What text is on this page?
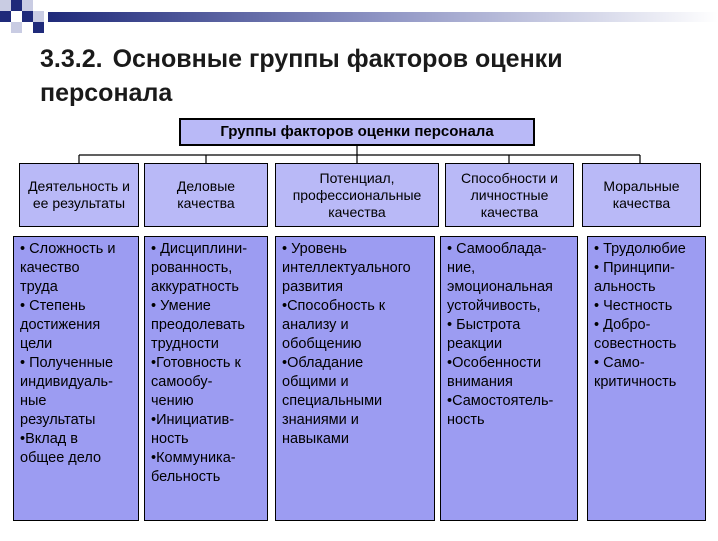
3.3.2. Основные группы факторов оценки персонала
Группы факторов оценки персонала
Деятельность и ее результаты
Деловые качества
Потенциал, профессиональные качества
Способности и личностные качества
Моральные качества
• Сложность и
качество
труда
• Степень
достижения
цели
• Полученные
индивидуаль-
ные
результаты
•Вклад в
общее дело
• Дисциплини-
рованность,
аккуратность
• Умение
преодолевать
трудности
•Готовность к
самообу-
чению
•Инициатив-
ность
•Коммуника-
бельность
• Уровень
интеллектуального
развития
•Способность к
анализу и
обобщению
•Обладание
общими и
специальными
знаниями и
навыками
• Самооблада-
ние,
эмоциональная
устойчивость,
• Быстрота
реакции
•Особенности
внимания
•Самостоятель-
ность
• Трудолюбие
• Принципи-
альность
• Честность
• Добро-
совестность
• Само-
критичность
